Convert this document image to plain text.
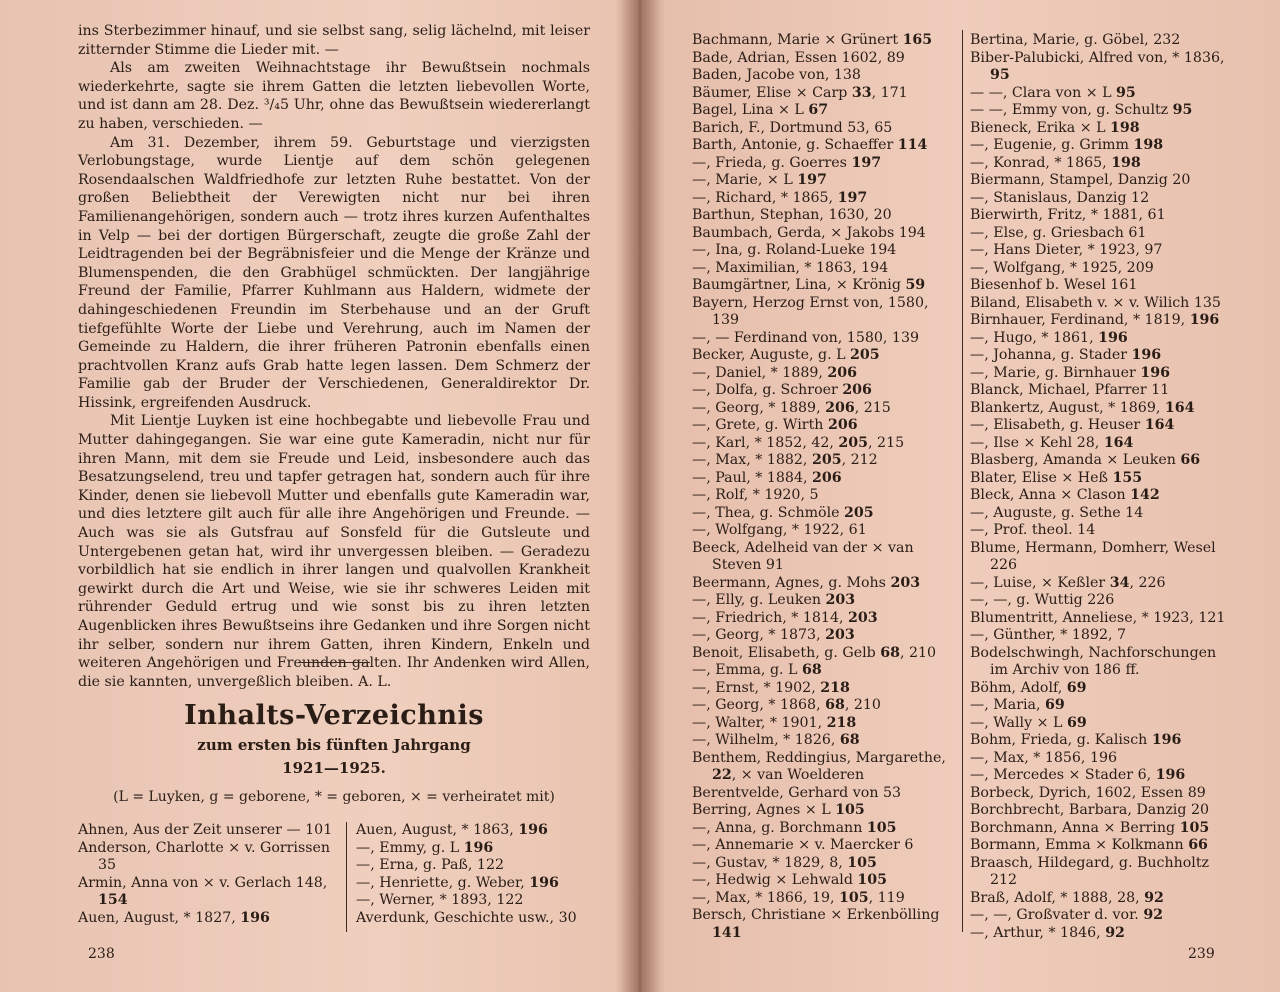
ins Sterbezimmer hinauf, und sie selbst sang, selig lächelnd, mit leiser zitternder Stimme die Lieder mit. —

Als am zweiten Weihnachtstage ihr Bewußtsein nochmals wiederkehrte, sagte sie ihrem Gatten die letzten liebevollen Worte, und ist dann am 28. Dez. ³/₄5 Uhr, ohne das Bewußtsein wiedererlangt zu haben, verschieden. —

Am 31. Dezember, ihrem 59. Geburtstage und vierzigsten Verlobungstage, wurde Lientje auf dem schön gelegenen Rosendaalschen Waldfriedhofe zur letzten Ruhe bestattet. Von der großen Beliebtheit der Verewigten nicht nur bei ihren Familienangehörigen, sondern auch — trotz ihres kurzen Aufenthaltes in Velp — bei der dortigen Bürgerschaft, zeugte die große Zahl der Leidtragenden bei der Begräbnisfeier und die Menge der Kränze und Blumenspenden, die den Grabhügel schmückten. Der langjährige Freund der Familie, Pfarrer Kuhlmann aus Haldern, widmete der dahingeschiedenen Freundin im Sterbehause und an der Gruft tiefgefühlte Worte der Liebe und Verehrung, auch im Namen der Gemeinde zu Haldern, die ihrer früheren Patronin ebenfalls einen prachtvollen Kranz aufs Grab hatte legen lassen. Dem Schmerz der Familie gab der Bruder der Verschiedenen, Generaldirektor Dr. Hissink, ergreifenden Ausdruck.

Mit Lientje Luyken ist eine hochbegabte und liebevolle Frau und Mutter dahingegangen. Sie war eine gute Kameradin, nicht nur für ihren Mann, mit dem sie Freude und Leid, insbesondere auch das Besatzungselend, treu und tapfer getragen hat, sondern auch für ihre Kinder, denen sie liebevoll Mutter und ebenfalls gute Kameradin war, und dies letztere gilt auch für alle ihre Angehörigen und Freunde. — Auch was sie als Gutsfrau auf Sonsfeld für die Gutsleute und Untergebenen getan hat, wird ihr unvergessen bleiben. — Geradezu vorbildlich hat sie endlich in ihrer langen und qualvollen Krankheit gewirkt durch die Art und Weise, wie sie ihr schweres Leiden mit rührender Geduld ertrug und wie sonst bis zu ihren letzten Augenblicken ihres Bewußtseins ihre Gedanken und ihre Sorgen nicht ihr selber, sondern nur ihrem Gatten, ihren Kindern, Enkeln und weiteren Angehörigen und Freunden galten. Ihr Andenken wird Allen, die sie kannten, unvergeßlich bleiben. A. L.

Inhalts-Verzeichnis
zum ersten bis fünften Jahrgang
1921—1925.
(L = Luyken, g = geborene, * = geboren, × = verheiratet mit)
Ahnen, Aus der Zeit unserer — 101
Anderson, Charlotte × v. Gorrissen 35
Armin, Anna von × v. Gerlach 148, 154
Auen, August, * 1827, 196
Auen, August, * 1863, 196
—, Emmy, g. L 196
—, Erna, g. Paß, 122
—, Henriette, g. Weber, 196
—, Werner, * 1893, 122
Averdunk, Geschichte usw., 30
238
Bachmann, Marie × Grünert 165
Bade, Adrian, Essen 1602, 89
Baden, Jacobe von, 138
Bäumer, Elise × Carp 33, 171
Bagel, Lina × L 67
Barich, F., Dortmund 53, 65
Barth, Antonie, g. Schaeffer 114
—, Frieda, g. Goerres 197
—, Marie, × L 197
—, Richard, * 1865, 197
Barthun, Stephan, 1630, 20
Baumbach, Gerda, × Jakobs 194
—, Ina, g. Roland-Lueke 194
—, Maximilian, * 1863, 194
Baumgärtner, Lina, × Krönig 59
Bayern, Herzog Ernst von, 1580, 139
—, — Ferdinand von, 1580, 139
Becker, Auguste, g. L 205
—, Daniel, * 1889, 206
—, Dolfa, g. Schroer 206
—, Georg, * 1889, 206, 215
—, Grete, g. Wirth 206
—, Karl, * 1852, 42, 205, 215
—, Max, * 1882, 205, 212
—, Paul, * 1884, 206
—, Rolf, * 1920, 5
—, Thea, g. Schmöle 205
—, Wolfgang, * 1922, 61
Beeck, Adelheid van der × van Steven 91
Beermann, Agnes, g. Mohs 203
—, Elly, g. Leuken 203
—, Friedrich, * 1814, 203
—, Georg, * 1873, 203
Benoit, Elisabeth, g. Gelb 68, 210
—, Emma, g. L 68
—, Ernst, * 1902, 218
—, Georg, * 1868, 68, 210
—, Walter, * 1901, 218
—, Wilhelm, * 1826, 68
Benthem, Reddingius, Margarethe, 22, × van Woelderen
Berentvelde, Gerhard von 53
Berring, Agnes × L 105
—, Anna, g. Borchmann 105
—, Annemarie × v. Maercker 6
—, Gustav, * 1829, 8, 105
—, Hedwig × Lehwald 105
—, Max, * 1866, 19, 105, 119
Bersch, Christiane × Erkenbölling 141
Bertina, Marie, g. Göbel, 232
Biber-Palubicki, Alfred von, * 1836, 95
— —, Clara von × L 95
— —, Emmy von, g. Schultz 95
Bieneck, Erika × L 198
—, Eugenie, g. Grimm 198
—, Konrad, * 1865, 198
Biermann, Stampel, Danzig 20
—, Stanislaus, Danzig 12
Bierwirth, Fritz, * 1881, 61
—, Else, g. Griesbach 61
—, Hans Dieter, * 1923, 97
—, Wolfgang, * 1925, 209
Biesenhof b. Wesel 161
Biland, Elisabeth v. × v. Wilich 135
Birnhauer, Ferdinand, * 1819, 196
—, Hugo, * 1861, 196
—, Johanna, g. Stader 196
—, Marie, g. Birnhauer 196
Blanck, Michael, Pfarrer 11
Blankertz, August, * 1869, 164
—, Elisabeth, g. Heuser 164
—, Ilse × Kehl 28, 164
Blasberg, Amanda × Leuken 66
Blater, Elise × Heß 155
Bleck, Anna × Clason 142
—, Auguste, g. Sethe 14
—, Prof. theol. 14
Blume, Hermann, Domherr, Wesel 226
—, Luise, × Keßler 34, 226
—, —, g. Wuttig 226
Blumentritt, Anneliese, * 1923, 121
—, Günther, * 1892, 7
Bodelschwingh, Nachforschungen im Archiv von 186 ff.
Böhm, Adolf, 69
—, Maria, 69
—, Wally × L 69
Bohm, Frieda, g. Kalisch 196
—, Max, * 1856, 196
—, Mercedes × Stader 6, 196
Borbeck, Dyrich, 1602, Essen 89
Borchbrecht, Barbara, Danzig 20
Borchmann, Anna × Berring 105
Bormann, Emma × Kolkmann 66
Braasch, Hildegard, g. Buchholtz 212
Braß, Adolf, * 1888, 28, 92
—, —, Großvater d. vor. 92
—, Arthur, * 1846, 92
239
